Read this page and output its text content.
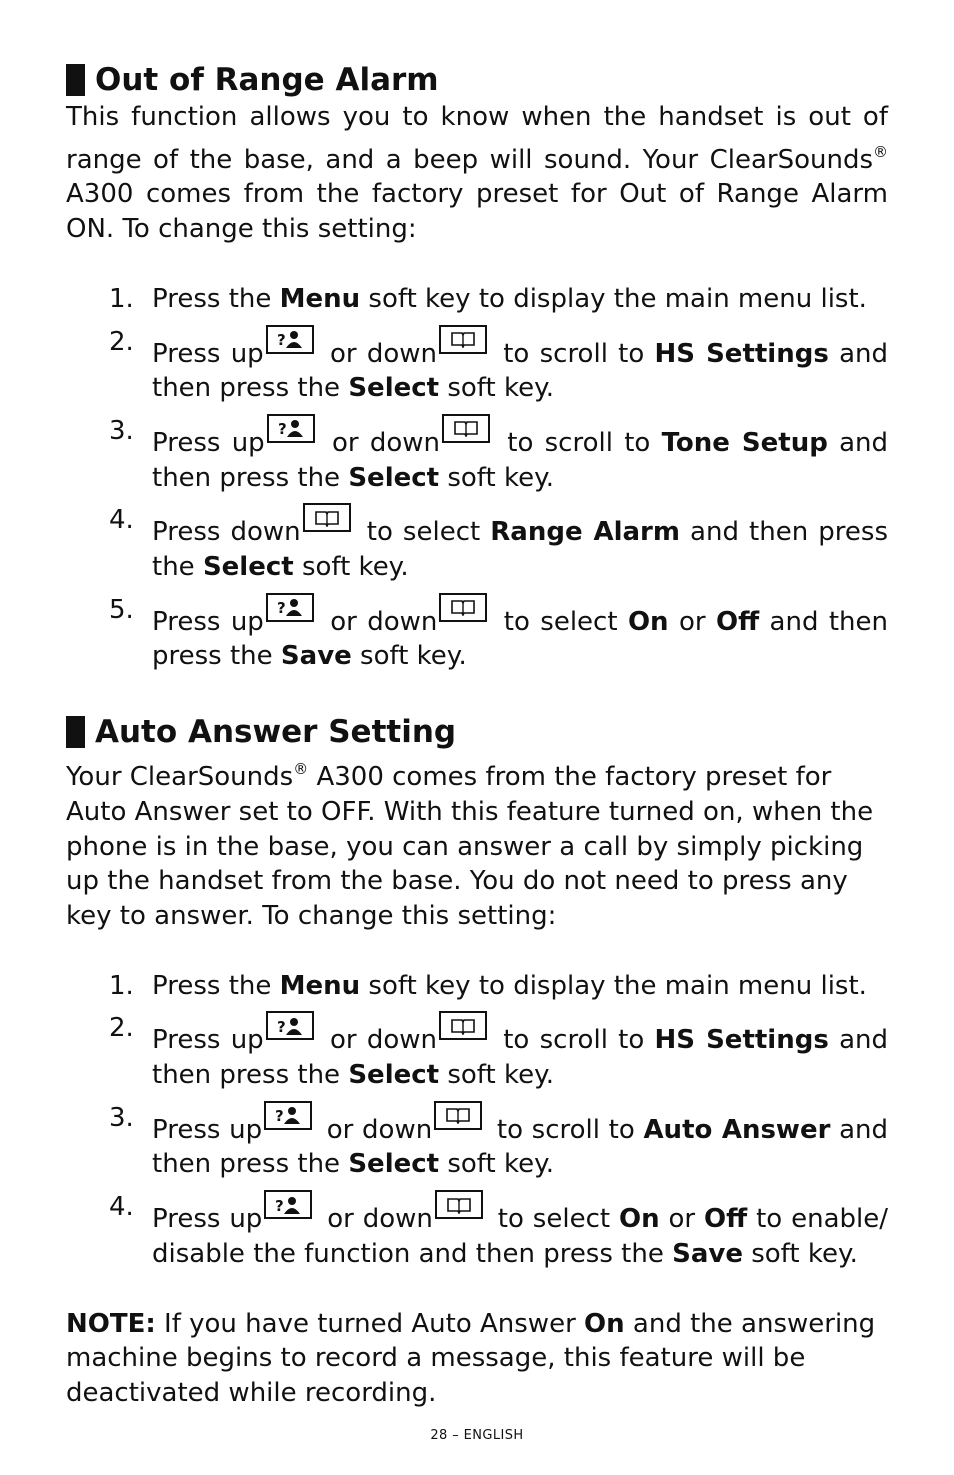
Out of Range Alarm

This function allows you to know when the handset is out of range of the base, and a beep will sound. Your ClearSounds® A300 comes from the factory preset for Out of Range Alarm ON. To change this setting:

1. Press the Menu soft key to display the main menu list.
2. Press up ? or down
to scroll to HS Settings and then press the Select soft key.
3. Press up ? or down
to scroll to Tone Setup and then press the Select soft key.
4. Press down
to select Range Alarm and then press the Select soft key.
5. Press up ? or down
to select On or Off and then press the Save soft key.
Auto Answer Setting

Your ClearSounds® A300 comes from the factory preset for Auto Answer set to OFF. With this feature turned on, when the phone is in the base, you can answer a call by simply picking up the handset from the base. You do not need to press any key to answer. To change this setting:

1. Press the Menu soft key to display the main menu list.
2. Press up ? or down
to scroll to HS Settings and then press the Select soft key.
3. Press up ? or down
to scroll to Auto Answer and then press the Select soft key.
4. Press up ? or down
to select On or Off to enable/ disable the function and then press the Save soft key.

NOTE: If you have turned Auto Answer On and the answering machine begins to record a message, this feature will be deactivated while recording.

28 – ENGLISH
